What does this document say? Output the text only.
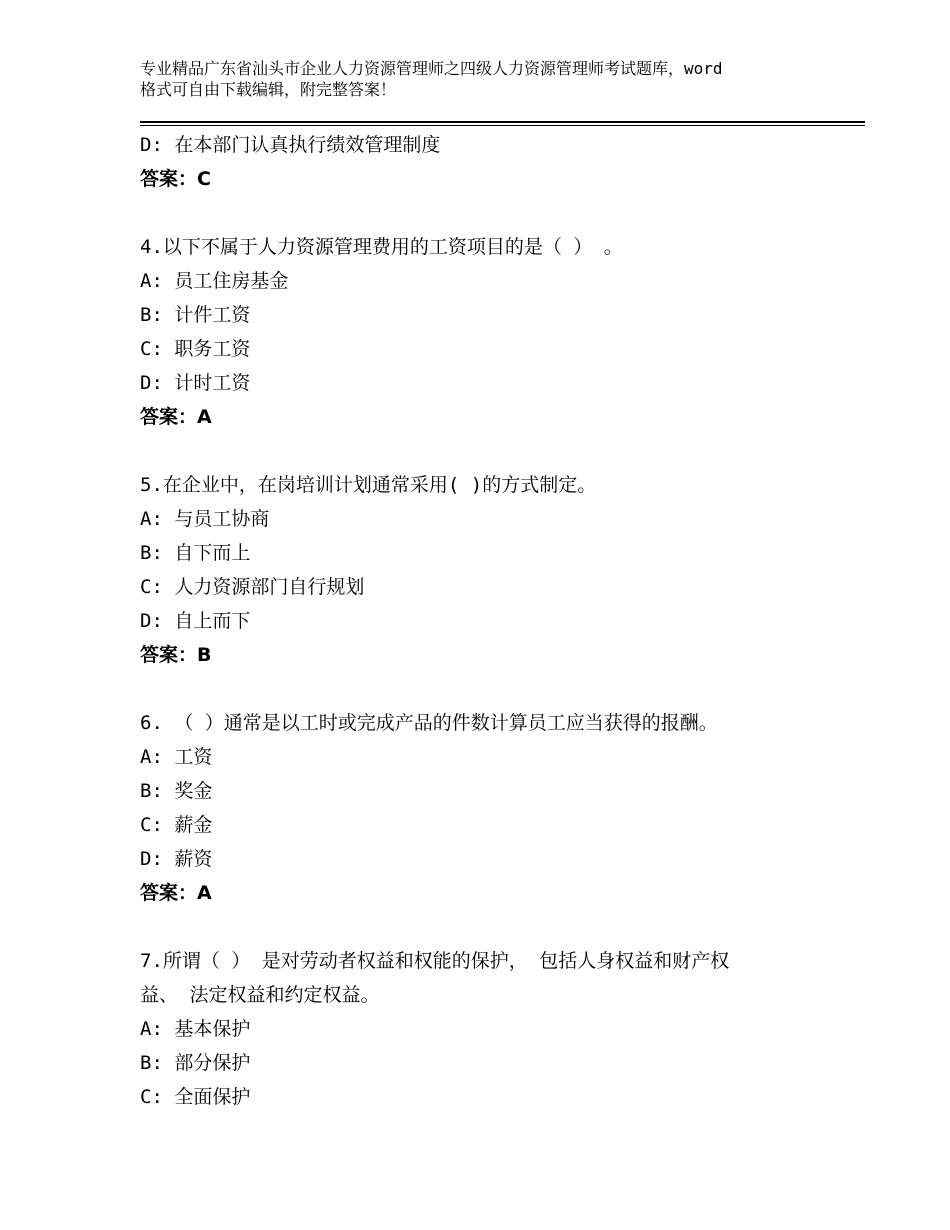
专业精品广东省汕头市企业人力资源管理师之四级人力资源管理师考试题库，word
格式可自由下载编辑，附完整答案！
D: 在本部门认真执行绩效管理制度
答案：C
4.以下不属于人力资源管理费用的工资项目的是（ ） 。
A: 员工住房基金
B: 计件工资
C: 职务工资
D: 计时工资
答案：A
5.在企业中，在岗培训计划通常采用( )的方式制定。
A: 与员工协商
B: 自下而上
C: 人力资源部门自行规划
D: 自上而下
答案：B
6. （ ）通常是以工时或完成产品的件数计算员工应当获得的报酬。
A: 工资
B: 奖金
C: 薪金
D: 薪资
答案：A
7.所谓（ ） 是对劳动者权益和权能的保护， 包括人身权益和财产权
益、 法定权益和约定权益。
A: 基本保护
B: 部分保护
C: 全面保护
